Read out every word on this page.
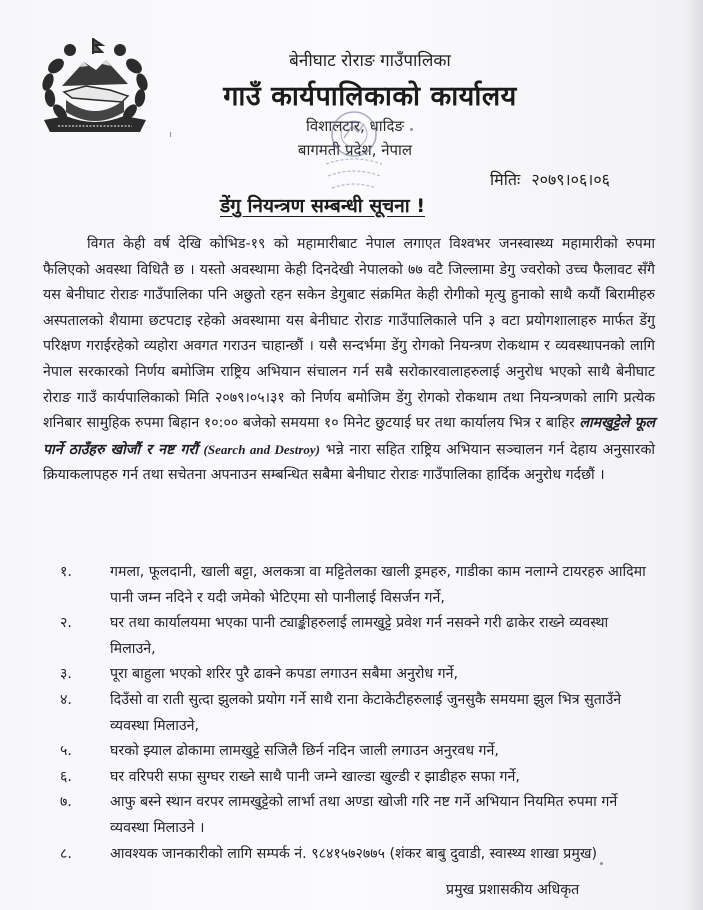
बेनीघाट रोराङ गाउँपालिका
गाउँ कार्यपालिकाको कार्यालय
विशालटार, धादिङ
बागमती प्रदेश, नेपाल
मितिः २०७९।०६।०६
डेंगु नियन्त्रण सम्बन्धी सूचना !
विगत केही वर्ष देखि कोभिड-१९ को महामारीबाट नेपाल लगाएत विश्वभर जनस्वास्थ्य महामारीको रुपमा फैलिएको अवस्था विधितै छ । यस्तो अवस्थामा केही दिनदेखी नेपालको ७७ वटै जिल्लामा डेगु ज्वरोको उच्च फैलावट सँगै यस बेनीघाट रोराङ गाउँपालिका पनि अछुतो रहन सकेन डेगुबाट संक्रमित केही रोगीको मृत्यु हुनाको साथै कयौं बिरामीहरु अस्पतालको शैयामा छटपटाइ रहेको अवस्थामा यस बेनीघाट रोराङ गाउँपालिकाले पनि ३ वटा प्रयोगशालाहरु मार्फत डेंगु परिक्षण गराईरहेको व्यहोरा अवगत गराउन चाहान्छौं । यसै सन्दर्भमा डेंगु रोगको नियन्त्रण रोकथाम र व्यवस्थापनको लागि नेपाल सरकारको निर्णय बमोजिम राष्ट्रिय अभियान संचालन गर्न सबै सरोकारवालाहरुलाई अनुरोध भएको साथै बेनीघाट रोराङ गाउँ कार्यपालिकाको मिति २०७९।०५।३१ को निर्णय बमोजिम डेंगु रोगको रोकथाम तथा नियन्त्रणको लागि प्रत्येक शनिबार सामुहिक रुपमा बिहान १०:०० बजेको समयमा १० मिनेट छुटयाई घर तथा कार्यालय भित्र र बाहिर लामखुट्टेले फूल पार्ने ठाउँहरु खोजौं र नष्ट गरौं (Search and Destroy) भन्ने नारा सहित राष्ट्रिय अभियान सञ्चालन गर्न देहाय अनुसारको क्रियाकलापहरु गर्न तथा सचेतना अपनाउन सम्बन्धित सबैमा बेनीघाट रोराङ गाउँपालिका हार्दिक अनुरोध गर्दछौं ।
१.	गमला, फूलदानी, खाली बट्टा, अलकत्रा वा मट्टितेलका खाली ड्रमहरु, गाडीका काम नलाग्ने टायरहरु आदिमा पानी जम्न नदिने र यदी जमेको भेटिएमा सो पानीलाई विसर्जन गर्ने,
२.	घर तथा कार्यालयमा भएका पानी ट्याङ्कीहरुलाई लामखुट्टे प्रवेश गर्न नसक्ने गरी ढाकेर राख्ने व्यवस्था मिलाउने,
३.	पूरा बाहुला भएको शरिर पुरै ढाक्ने कपडा लगाउन सबैमा अनुरोध गर्ने,
४.	दिउँसो वा राती सुत्दा झुलको प्रयोग गर्ने साथै राना केटाकेटीहरुलाई जुनसुकै समयमा झुल भित्र सुताउँने व्यवस्था मिलाउने,
५.	घरको झ्याल ढोकामा लामखुट्टे सजिलै छिर्न नदिन जाली लगाउन अनुरवध गर्ने,
६.	घर वरिपरी सफा सुग्घर राख्ने साथै पानी जम्ने खाल्डा खुल्डी र झाडीहरु सफा गर्ने,
७.	आफु बस्ने स्थान वरपर लामखुट्टेको लार्भा तथा अण्डा खोजी गरि नष्ट गर्ने अभियान नियमित रुपमा गर्ने व्यवस्था मिलाउने ।
८.	आवश्यक जानकारीको लागि सम्पर्क नं. ९८४१५७२७७५ (शंकर बाबु दुवाडी, स्वास्थ्य शाखा प्रमुख)
प्रमुख प्रशासकीय अधिकृत
